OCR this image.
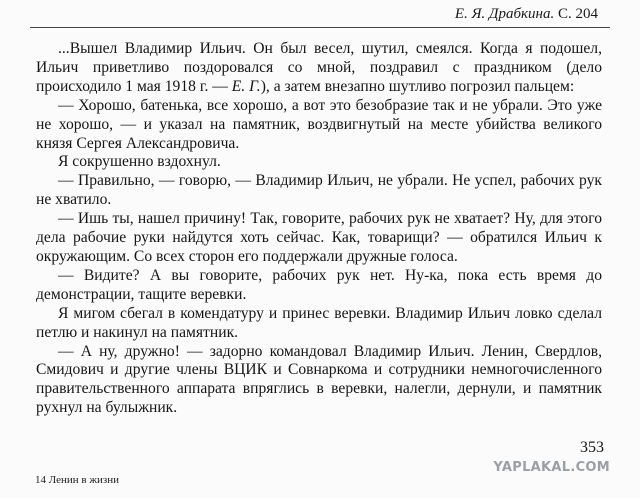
Е. Я. Драбкина. С. 204

...Вышел Владимир Ильич. Он был весел, шутил, смеялся. Когда я подошел, Ильич приветливо поздоровался со мной, поздравил с праздником (дело происходило 1 мая 1918 г. — Е. Г.), а затем внезапно шутливо погрозил пальцем:

— Хорошо, батенька, все хорошо, а вот это безобразие так и не убрали. Это уже не хорошо, — и указал на памятник, воздвигнутый на месте убийства великого князя Сергея Александровича.

Я сокрушенно вздохнул.

— Правильно, — говорю, — Владимир Ильич, не убрали. Не успел, рабочих рук не хватило.

— Ишь ты, нашел причину! Так, говорите, рабочих рук не хватает? Ну, для этого дела рабочие руки найдутся хоть сейчас. Как, товарищи? — обратился Ильич к окружающим. Со всех сторон его поддержали дружные голоса.

— Видите? А вы говорите, рабочих рук нет. Ну-ка, пока есть время до демонстрации, тащите веревки.

Я мигом сбегал в комендатуру и принес веревки. Владимир Ильич ловко сделал петлю и накинул на памятник.

— А ну, дружно! — задорно командовал Владимир Ильич. Ленин, Свердлов, Смидович и другие члены ВЦИК и Совнаркома и сотрудники немногочисленного правительственного аппарата впряглись в веревки, налегли, дернули, и памятник рухнул на булыжник.

353
14 Ленин в жизни
YAPLAKAL.COM
